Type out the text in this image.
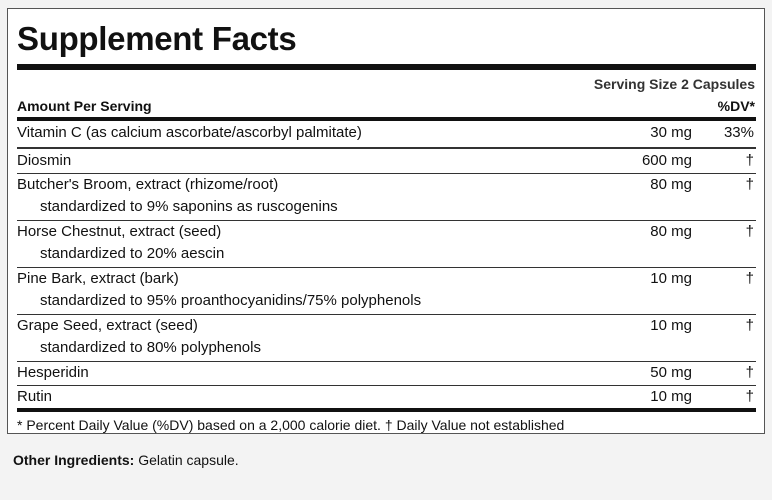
Supplement Facts
Serving Size 2 Capsules
Amount Per Serving	%DV*
Vitamin C (as calcium ascorbate/ascorbyl palmitate)	30 mg 33%
Diosmin	600 mg	†
Butcher's Broom, extract (rhizome/root)	80 mg	†
standardized to 9% saponins as ruscogenins
Horse Chestnut, extract (seed)	80 mg	†
standardized to 20% aescin
Pine Bark, extract (bark)	10 mg	†
standardized to 95% proanthocyanidins/75% polyphenols
Grape Seed, extract (seed)	10 mg	†
standardized to 80% polyphenols
Hesperidin	50 mg	†
Rutin	10 mg	†
* Percent Daily Value (%DV) based on a 2,000 calorie diet. † Daily Value not established
Other Ingredients: Gelatin capsule.
